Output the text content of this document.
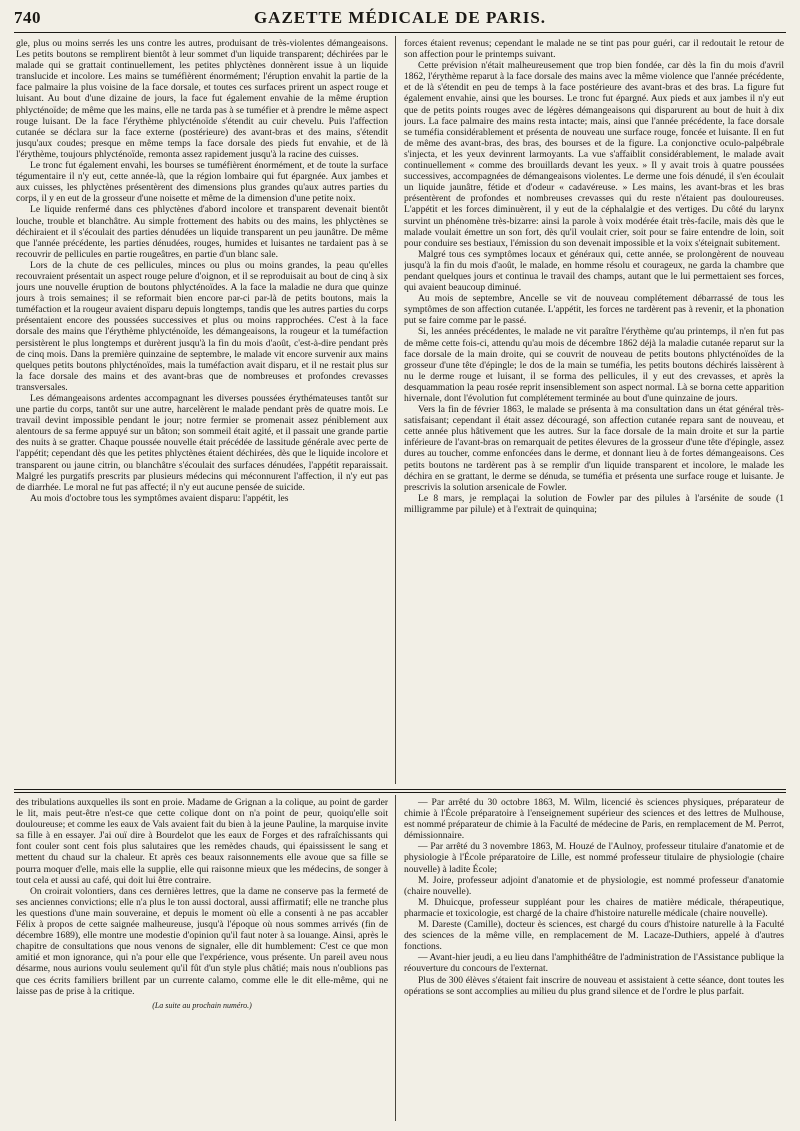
740	GAZETTE MÉDICALE DE PARIS.

gle, plus ou moins serrés les uns contre les autres, produisant de très-violentes démangeaisons. Les petits boutons se remplirent bientôt à leur sommet d'un liquide transparent; déchirées par le malade qui se grattait continuellement, les petites phlyctènes donnèrent issue à un liquide translucide et incolore. Les mains se tuméfièrent énormément; l'éruption envahit la partie de la face palmaire la plus voisine de la face dorsale, et toutes ces surfaces prirent un aspect rouge et luisant. Au bout d'une dizaine de jours, la face fut également envahie de la même éruption phlycténoïde; de même que les mains, elle ne tarda pas à se tuméfier et à prendre le même aspect rouge luisant. De la face l'érythème phlycténoïde s'étendit au cuir chevelu. Puis l'affection cutanée se déclara sur la face externe (postérieure) des avant-bras et des mains, s'étendit jusqu'aux coudes; presque en même temps la face dorsale des pieds fut envahie, et de là l'érythème, toujours phlycténoïde, remonta assez rapidement jusqu'à la racine des cuisses.

Le tronc fut également envahi, les bourses se tuméfièrent énormément, et de toute la surface tégumentaire il n'y eut, cette année-là, que la région lombaire qui fut épargnée. Aux jambes et aux cuisses, les phlyctènes présentèrent des dimensions plus grandes qu'aux autres parties du corps, il y en eut de la grosseur d'une noisette et même de la dimension d'une petite noix.

Le liquide renfermé dans ces phlyctènes d'abord incolore et transparent devenait bientôt louche, trouble et blanchâtre. Au simple frottement des habits ou des mains, les phlyctènes se déchiraient et il s'écoulait des parties dénudées un liquide transparent un peu jaunâtre. De même que l'année précédente, les parties dénudées, rouges, humides et luisantes ne tardaient pas à se recouvrir de pellicules en partie rougeâtres, en partie d'un blanc sale.

Lors de la chute de ces pellicules, minces ou plus ou moins grandes, la peau qu'elles recouvraient présentait un aspect rouge pelure d'oignon, et il se reproduisait au bout de cinq à six jours une nouvelle éruption de boutons phlycténoïdes. A la face la maladie ne dura que quinze jours à trois semaines; il se reformait bien encore par-ci par-là de petits boutons, mais la tuméfaction et la rougeur avaient disparu depuis longtemps, tandis que les autres parties du corps présentaient encore des poussées successives et plus ou moins rapprochées. C'est à la face dorsale des mains que l'érythème phlycténoïde, les démangeaisons, la rougeur et la tuméfaction persistèrent le plus longtemps et durèrent jusqu'à la fin du mois d'août, c'est-à-dire pendant près de cinq mois. Dans la première quinzaine de septembre, le malade vit encore survenir aux mains quelques petits boutons phlycténoïdes, mais la tuméfaction avait disparu, et il ne restait plus sur la face dorsale des mains et des avant-bras que de nombreuses et profondes crevasses transversales.

Les démangeaisons ardentes accompagnant les diverses poussées érythémateuses tantôt sur une partie du corps, tantôt sur une autre, harcelèrent le malade pendant près de quatre mois. Le travail devint impossible pendant le jour; notre fermier se promenait assez péniblement aux alentours de sa ferme appuyé sur un bâton; son sommeil était agité, et il passait une grande partie des nuits à se gratter. Chaque poussée nouvelle était précédée de lassitude générale avec perte de l'appétit; cependant dès que les petites phlyctènes étaient déchirées, dès que le liquide incolore et transparent ou jaune citrin, ou blanchâtre s'écoulait des surfaces dénudées, l'appétit reparaissait. Malgré les purgatifs prescrits par plusieurs médecins qui méconnurent l'affection, il n'y eut pas de diarrhée. Le moral ne fut pas affecté; il n'y eut aucune pensée de suicide.

Au mois d'octobre tous les symptômes avaient disparu: l'appétit, les

forces étaient revenus; cependant le malade ne se tint pas pour guéri, car il redoutait le retour de son affection pour le printemps suivant.

Cette prévision n'était malheureusement que trop bien fondée, car dès la fin du mois d'avril 1862, l'érythème reparut à la face dorsale des mains avec la même violence que l'année précédente, et de là s'étendit en peu de temps à la face postérieure des avant-bras et des bras. La figure fut également envahie, ainsi que les bourses. Le tronc fut épargné. Aux pieds et aux jambes il n'y eut que de petits points rouges avec de légères démangeaisons qui disparurent au bout de huit à dix jours. La face palmaire des mains resta intacte; mais, ainsi que l'année précédente, la face dorsale se tuméfia considérablement et présenta de nouveau une surface rouge, foncée et luisante. Il en fut de même des avant-bras, des bras, des bourses et de la figure. La conjonctive oculo-palpébrale s'injecta, et les yeux devinrent larmoyants. La vue s'affaiblit considérablement, le malade avait continuellement « comme des brouillards devant les yeux. » Il y avait trois à quatre poussées successives, accompagnées de démangeaisons violentes. Le derme une fois dénudé, il s'en écoulait un liquide jaunâtre, fétide et d'odeur « cadavéreuse. » Les mains, les avant-bras et les bras présentèrent de profondes et nombreuses crevasses qui du reste n'étaient pas douloureuses. L'appétit et les forces diminuèrent, il y eut de la céphalalgie et des vertiges. Du côté du larynx survint un phénomène très-bizarre: ainsi la parole à voix modérée était très-facile, mais dès que le malade voulait émettre un son fort, dès qu'il voulait crier, soit pour se faire entendre de loin, soit pour conduire ses bestiaux, l'émission du son devenait impossible et la voix s'éteignait subitement.

Malgré tous ces symptômes locaux et généraux qui, cette année, se prolongèrent de nouveau jusqu'à la fin du mois d'août, le malade, en homme résolu et courageux, ne garda la chambre que pendant quelques jours et continua le travail des champs, autant que le lui permettaient ses forces, qui avaient beaucoup diminué.

Au mois de septembre, Ancelle se vit de nouveau complétement débarrassé de tous les symptômes de son affection cutanée. L'appétit, les forces ne tardèrent pas à revenir, et la phonation put se faire comme par le passé.

Si, les années précédentes, le malade ne vit paraître l'érythème qu'au printemps, il n'en fut pas de même cette fois-ci, attendu qu'au mois de décembre 1862 déjà la maladie cutanée reparut sur la face dorsale de la main droite, qui se couvrit de nouveau de petits boutons phlycténoïdes de la grosseur d'une tête d'épingle; le dos de la main se tuméfia, les petits boutons déchirés laissèrent à nu le derme rouge et luisant, il se forma des pellicules, il y eut des crevasses, et après la desquammation la peau rosée reprit insensiblement son aspect normal. Là se borna cette apparition hivernale, dont l'évolution fut complétement terminée au bout d'une quinzaine de jours.

Vers la fin de février 1863, le malade se présenta à ma consultation dans un état général très-satisfaisant; cependant il était assez découragé, son affection cutanée repara sant de nouveau, et cette année plus hâtivement que les autres. Sur la face dorsale de la main droite et sur la partie inférieure de l'avant-bras on remarquait de petites élevures de la grosseur d'une tête d'épingle, assez dures au toucher, comme enfoncées dans le derme, et donnant lieu à de fortes démangeaisons. Ces petits boutons ne tardèrent pas à se remplir d'un liquide transparent et incolore, le malade les déchira en se grattant, le derme se dénuda, se tuméfia et présenta une surface rouge et luisante. Je prescrivis la solution arsenicale de Fowler.

Le 8 mars, je remplaçai la solution de Fowler par des pilules à l'arsénite de soude (1 milligramme par pilule) et à l'extrait de quinquina;

des tribulations auxquelles ils sont en proie. Madame de Grignan a la colique, au point de garder le lit, mais peut-être n'est-ce que cette colique dont on n'a point de peur, quoiqu'elle soit douloureuse; et comme les eaux de Vals avaient fait du bien à la jeune Pauline, la marquise invite sa fille à en essayer. J'ai ouï dire à Bourdelot que les eaux de Forges et des rafraîchissants qui font couler sont cent fois plus salutaires que les remèdes chauds, qui épaississent le sang et mettent du chaud sur la chaleur. Et après ces beaux raisonnements elle avoue que sa fille se pourra moquer d'elle, mais elle la supplie, elle qui raisonne mieux que les médecins, de songer à tout cela et aussi au café, qui doit lui être contraire.

On croirait volontiers, dans ces dernières lettres, que la dame ne conserve pas la fermeté de ses anciennes convictions; elle n'a plus le ton aussi doctoral, aussi affirmatif; elle ne tranche plus les questions d'une main souveraine, et depuis le moment où elle a consenti à ne pas accabler Félix à propos de cette saignée malheureuse, jusqu'à l'époque où nous sommes arrivés (fin de décembre 1689), elle montre une modestie d'opinion qu'il faut noter à sa louange. Ainsi, après le chapitre de consultations que nous venons de signaler, elle dit humblement: C'est ce que mon amitié et mon ignorance, qui n'a pour elle que l'expérience, vous présente. Un pareil aveu nous désarme, nous aurions voulu seulement qu'il fût d'un style plus châtié; mais nous n'oublions pas que ces écrits familiers brillent par un currente calamo, comme elle le dit elle-même, qui ne laisse pas de prise à la critique.

(La suite au prochain numéro.)

— Par arrêté du 30 octobre 1863, M. Wilm, licencié ès sciences physiques, préparateur de chimie à l'École préparatoire à l'enseignement supérieur des sciences et des lettres de Mulhouse, est nommé préparateur de chimie à la Faculté de médecine de Paris, en remplacement de M. Perrot, démissionnaire.

— Par arrêté du 3 novembre 1863, M. Houzé de l'Aulnoy, professeur titulaire d'anatomie et de physiologie à l'École préparatoire de Lille, est nommé professeur titulaire de physiologie (chaire nouvelle) à ladite École;

M. Joire, professeur adjoint d'anatomie et de physiologie, est nommé professeur d'anatomie (chaire nouvelle).

M. Dhuicque, professeur suppléant pour les chaires de matière médicale, thérapeutique, pharmacie et toxicologie, est chargé de la chaire d'histoire naturelle médicale (chaire nouvelle).

M. Dareste (Camille), docteur ès sciences, est chargé du cours d'histoire naturelle à la Faculté des sciences de la même ville, en remplacement de M. Lacaze-Duthiers, appelé à d'autres fonctions.

— Avant-hier jeudi, a eu lieu dans l'amphithéâtre de l'administration de l'Assistance publique la réouverture du concours de l'externat.

Plus de 300 élèves s'étaient fait inscrire de nouveau et assistaient à cette séance, dont toutes les opérations se sont accomplies au milieu du plus grand silence et de l'ordre le plus parfait.
